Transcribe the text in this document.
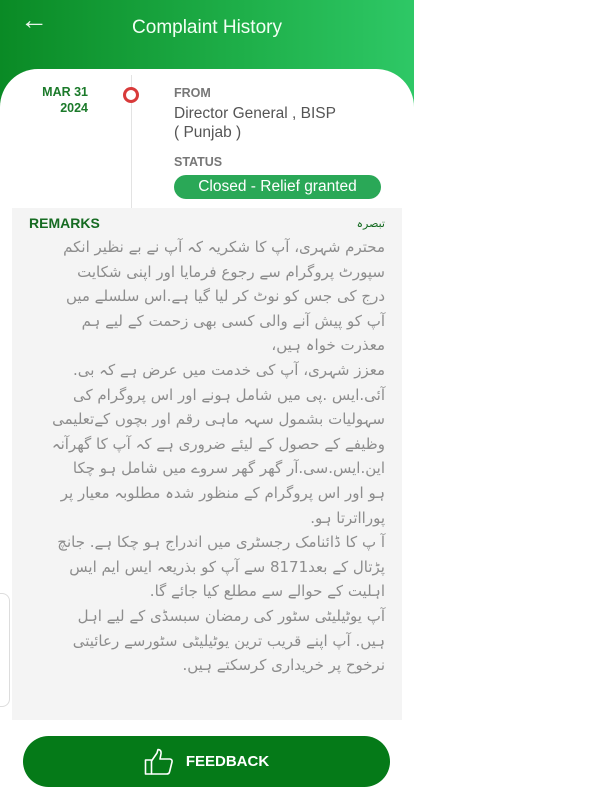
←	Complaint History
MAR 31
2024
FROM
Director General , BISP
( Punjab )
STATUS
Closed - Relief granted
REMARKS	تبصرہ
محترم شہری، آپ کا شکریہ کہ آپ نے بے نظیر انکم
سپورٹ پروگرام سے رجوع فرمایا اور اپنی شکایت
درج کی جس کو نوٹ کر لیا گیا ہے.اس سلسلے میں
آپ کو پیش آنے والی کسی بھی زحمت کے لیے ہم
معذرت خواہ ہیں،
معزز شہری، آپ کی خدمت میں عرض ہے کہ بی.
آئی.ایس .پی میں شامل ہونے اور اس پروگرام کی
سہولیات بشمول سہہ ماہی رقم اور بچوں کےتعلیمی
وظیفے کے حصول کے لیئے ضروری ہے کہ آپ کا گھرآنہ
این.ایس.سی.آر گھر گھر سروے میں شامل ہو چکا
ہو اور اس پروگرام کے منظور شدہ مطلوبہ معیار پر
پورااترتا ہو.
آ پ کا ڈائنامک رجسٹری میں اندراج ہو چکا ہے. جانچ
پڑتال کے بعد8171 سے آپ کو بذریعہ ایس ایم ایس
اہلیت کے حوالے سے مطلع کیا جائے گا.
آپ یوٹیلیٹی سٹور کی رمضان سبسڈی کے لیے اہل
ہیں. آپ اپنے قریب ترین یوٹیلیٹی سٹورسے رعائیتی
نرخوح پر خریداری کرسکتے ہیں.
FEEDBACK
